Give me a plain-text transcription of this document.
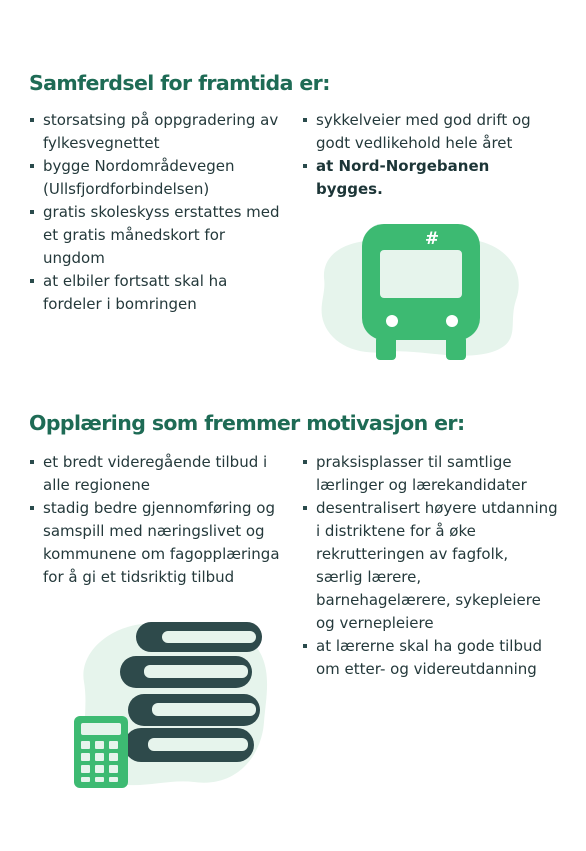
Samferdsel for framtida er:
storsatsing på oppgradering av fylkesvegnettet
bygge Nordområdevegen (Ullsfjordforbindelsen)
gratis skoleskyss erstattes med et gratis månedskort for ungdom
at elbiler fortsatt skal ha fordeler i bomringen
sykkelveier med god drift og godt vedlikehold hele året
at Nord-Norgebanen bygges.
#
Opplæring som fremmer motivasjon er:
et bredt videregående tilbud i alle regionene
stadig bedre gjennomføring og samspill med næringslivet og kommunene om fagopplæringa for å gi et tidsriktig tilbud
praksisplasser til samtlige lærlinger og lærekandidater
desentralisert høyere utdanning i distriktene for å øke rekrutteringen av fagfolk, særlig lærere, barnehagelærere, sykepleiere og vernepleiere
at lærerne skal ha gode tilbud om etter- og videreutdanning
